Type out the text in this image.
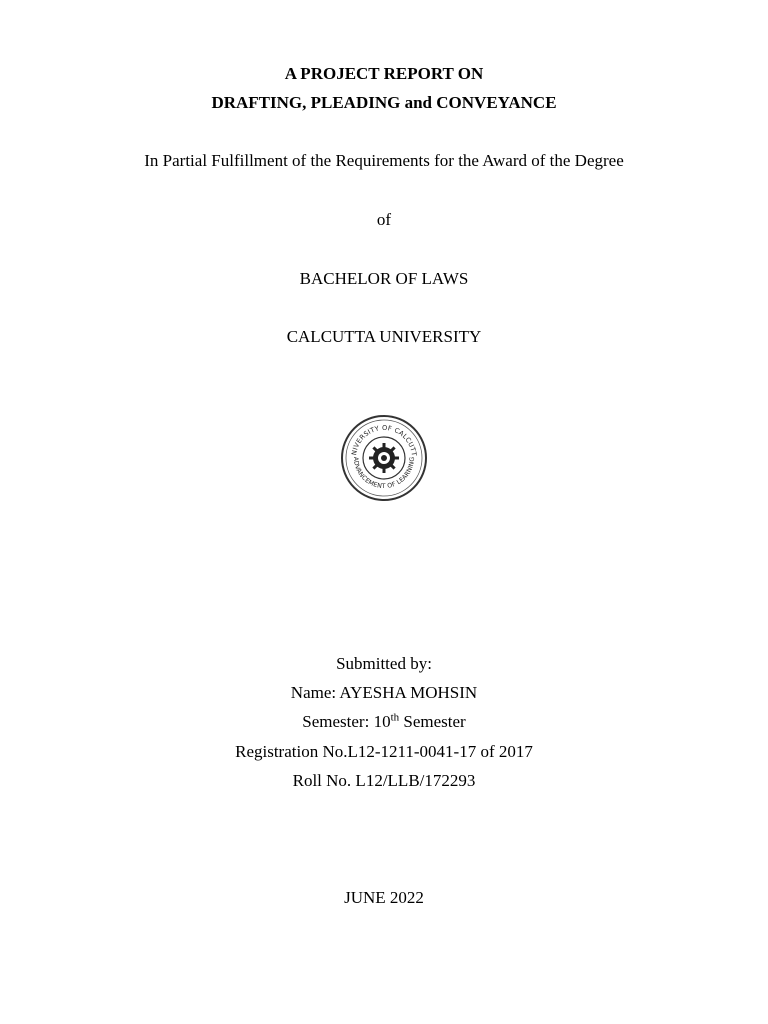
A PROJECT REPORT ON
DRAFTING, PLEADING and CONVEYANCE
In Partial Fulfillment of the Requirements for the Award of the Degree
of
BACHELOR OF LAWS
CALCUTTA UNIVERSITY
NIVERSITY OF CALCUTT
ADVANCEMENT OF LEARNING
Submitted by:
Name: AYESHA MOHSIN
Semester: 10th Semester
Registration No.L12-1211-0041-17 of 2017
Roll No. L12/LLB/172293
JUNE 2022
